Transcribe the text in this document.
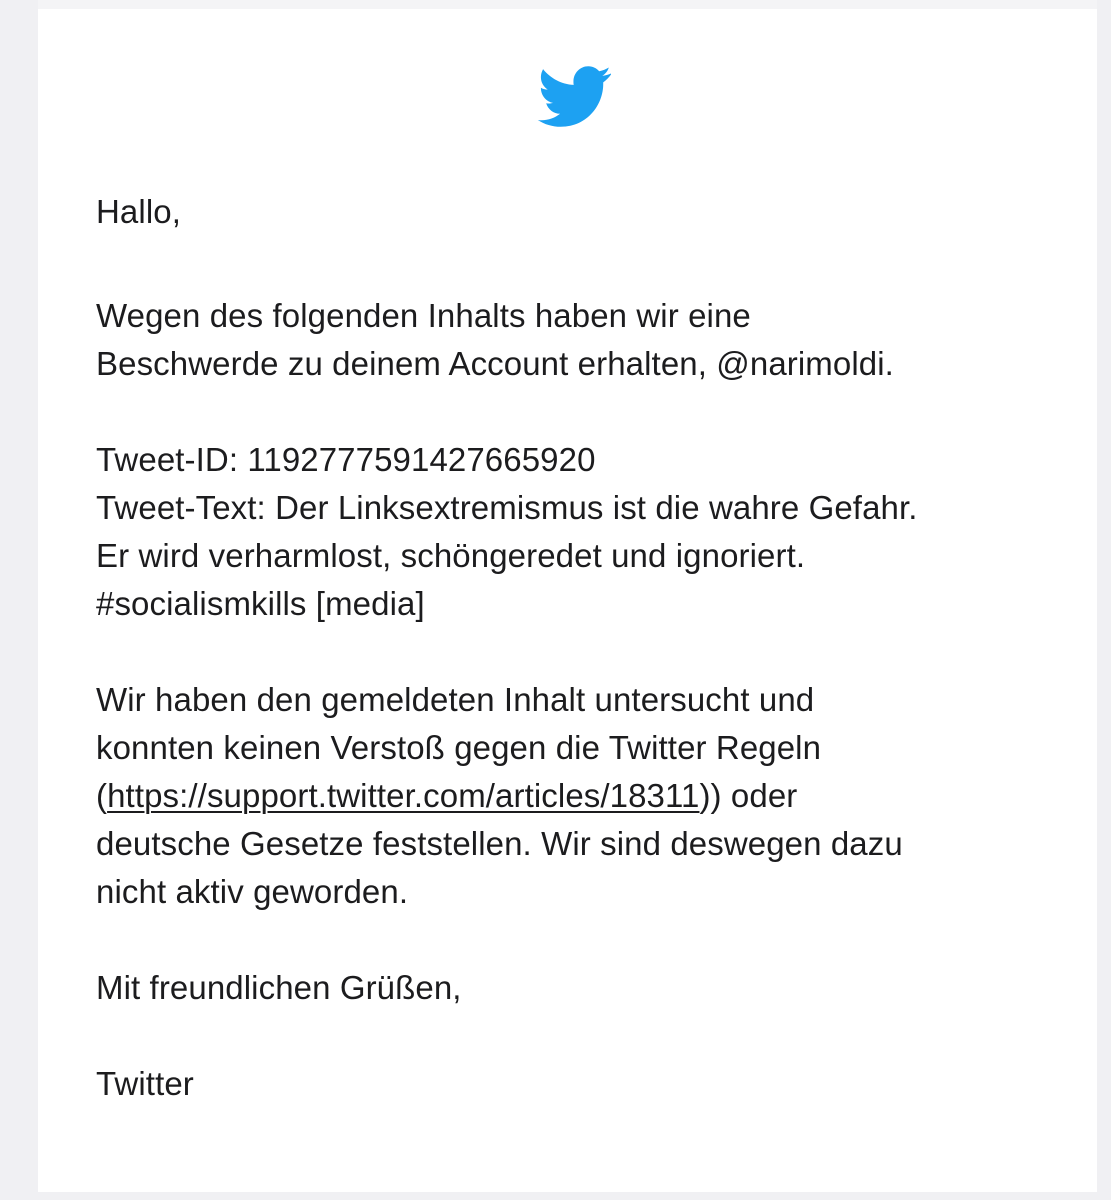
Hallo,

Wegen des folgenden Inhalts haben wir eine
Beschwerde zu deinem Account erhalten, @narimoldi.

Tweet-ID: 1192777591427665920
Tweet-Text: Der Linksextremismus ist die wahre Gefahr.
Er wird verharmlost, schöngeredet und ignoriert.
#socialismkills [media]

Wir haben den gemeldeten Inhalt untersucht und
konnten keinen Verstoß gegen die Twitter Regeln
(https://support.twitter.com/articles/18311)) oder
deutsche Gesetze feststellen. Wir sind deswegen dazu
nicht aktiv geworden.

Mit freundlichen Grüßen,

Twitter
